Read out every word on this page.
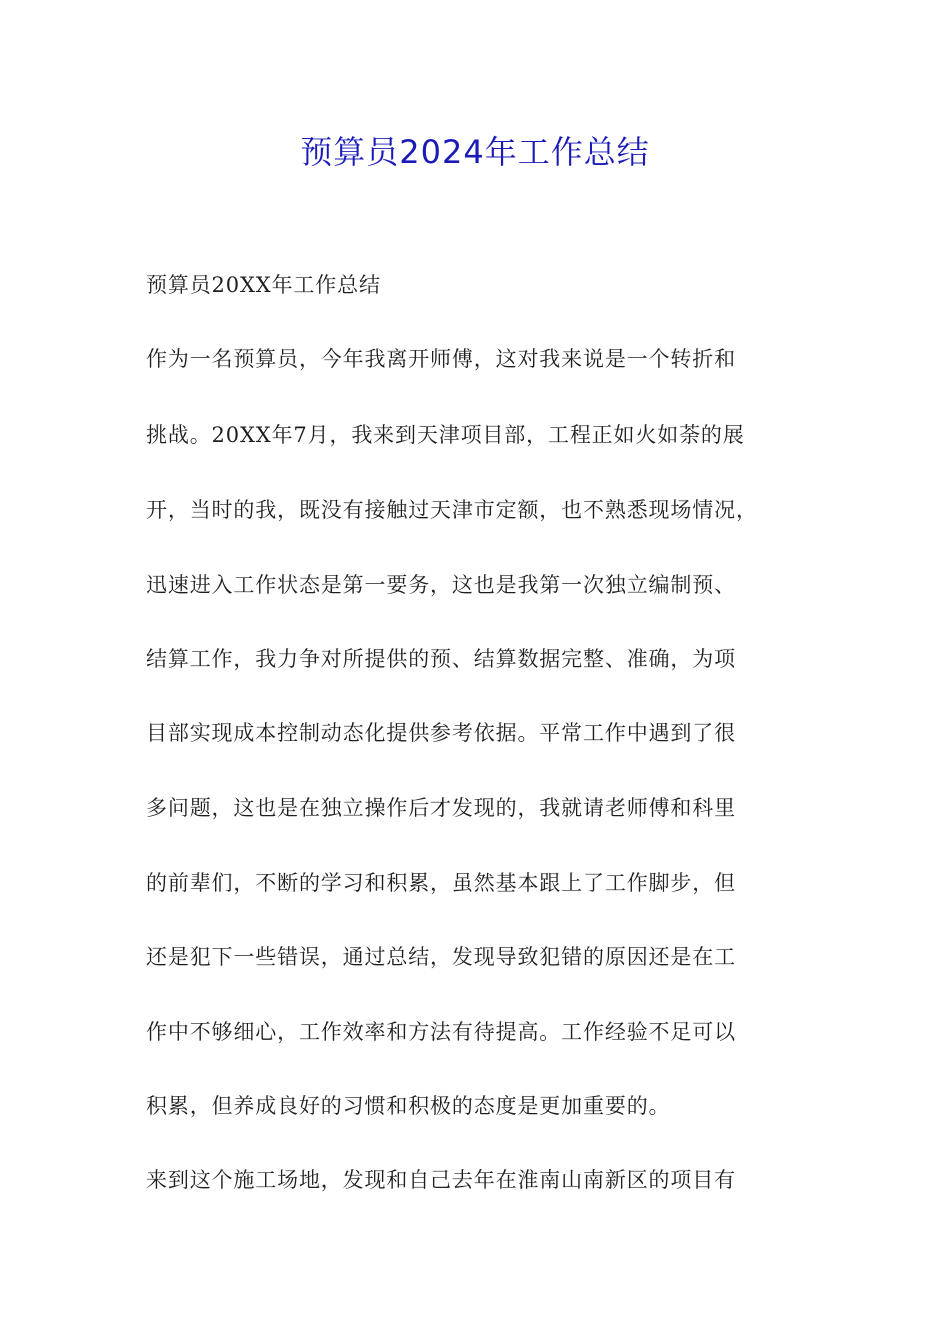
预算员2024年工作总结
预算员20XX年工作总结
作为一名预算员，今年我离开师傅，这对我来说是一个转折和
挑战。20XX年7月，我来到天津项目部，工程正如火如荼的展
开，当时的我，既没有接触过天津市定额，也不熟悉现场情况，
迅速进入工作状态是第一要务，这也是我第一次独立编制预、
结算工作，我力争对所提供的预、结算数据完整、准确，为项
目部实现成本控制动态化提供参考依据。平常工作中遇到了很
多问题，这也是在独立操作后才发现的，我就请老师傅和科里
的前辈们，不断的学习和积累，虽然基本跟上了工作脚步，但
还是犯下一些错误，通过总结，发现导致犯错的原因还是在工
作中不够细心，工作效率和方法有待提高。工作经验不足可以
积累，但养成良好的习惯和积极的态度是更加重要的。
来到这个施工场地，发现和自己去年在淮南山南新区的项目有
